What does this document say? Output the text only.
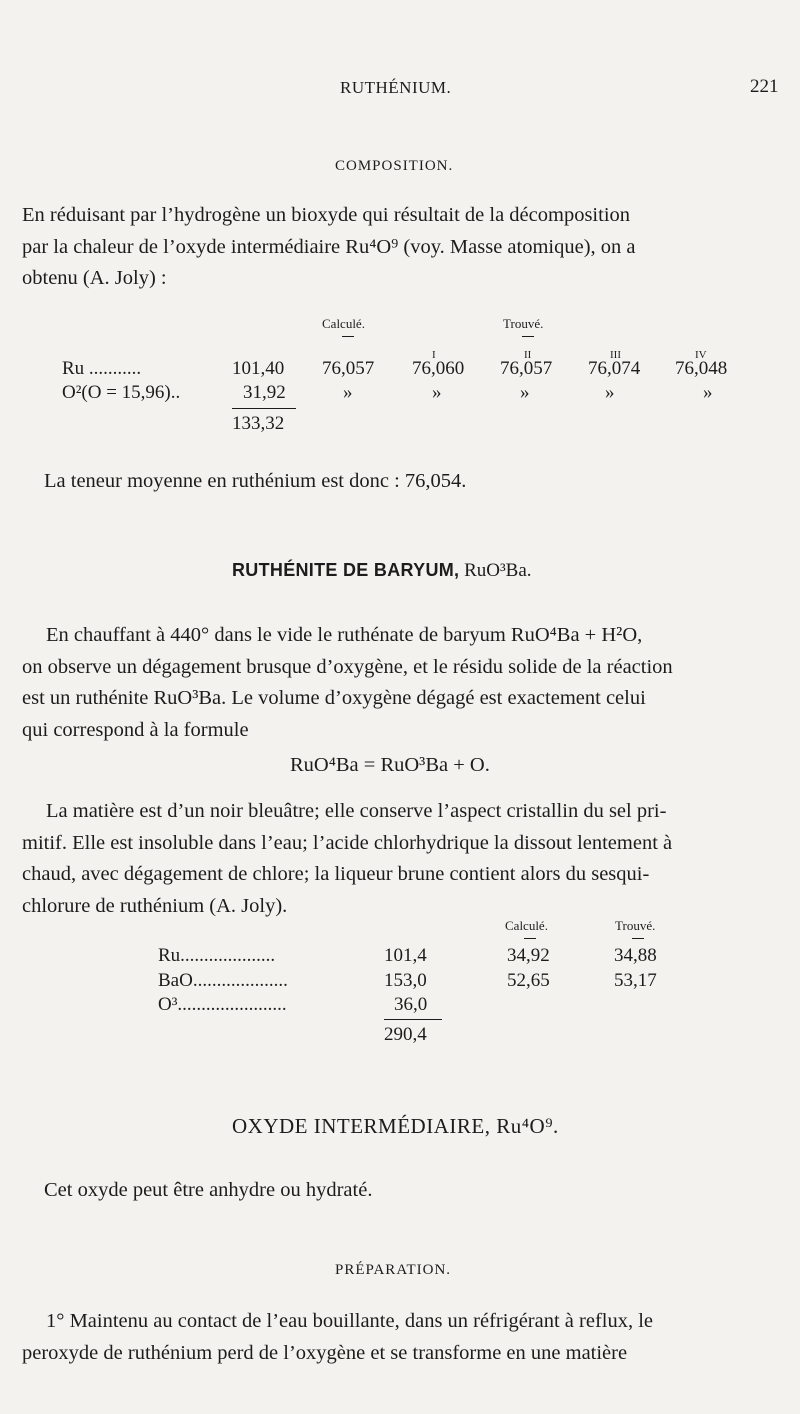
RUTHÉNIUM.	221
COMPOSITION.
En réduisant par l’hydrogène un bioxyde qui résultait de la décomposition
par la chaleur de l’oxyde intermédiaire Ru⁴O⁹ (voy. Masse atomique), on a
obtenu (A. Joly) :
Calculé.	Trouvé.
I	II	III	IV
Ru ...........	101,40 76,057 76,060 76,057 76,074 76,048
O²(O = 15,96)..	31,92	»	»	»	»	»
133,32
La teneur moyenne en ruthénium est donc : 76,054.
RUTHÉNITE DE BARYUM, RuO³Ba.
En chauffant à 440° dans le vide le ruthénate de baryum RuO⁴Ba + H²O,
on observe un dégagement brusque d’oxygène, et le résidu solide de la réaction
est un ruthénite RuO³Ba. Le volume d’oxygène dégagé est exactement celui
qui correspond à la formule
RuO⁴Ba = RuO³Ba + O.
La matière est d’un noir bleuâtre; elle conserve l’aspect cristallin du sel pri-
mitif. Elle est insoluble dans l’eau; l’acide chlorhydrique la dissout lentement à
chaud, avec dégagement de chlore; la liqueur brune contient alors du sesqui-
chlorure de ruthénium (A. Joly).
Calculé.	Trouvé.
Ru....................	101,4	34,92	34,88
BaO....................	153,0	52,65	53,17
O³.......................	36,0
290,4
OXYDE INTERMÉDIAIRE, Ru⁴O⁹.
Cet oxyde peut être anhydre ou hydraté.
PRÉPARATION.
1° Maintenu au contact de l’eau bouillante, dans un réfrigérant à reflux, le
peroxyde de ruthénium perd de l’oxygène et se transforme en une matière
